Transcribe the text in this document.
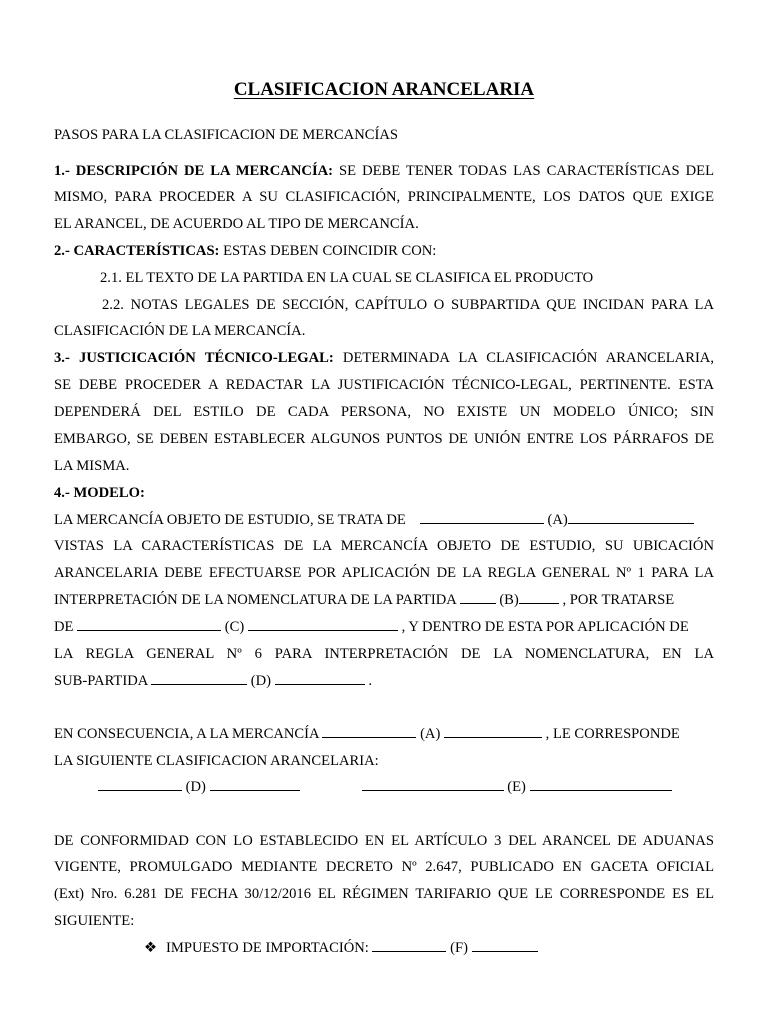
CLASIFICACION ARANCELARIA
PASOS PARA LA CLASIFICACION DE MERCANCÍAS
1.- DESCRIPCIÓN DE LA MERCANCÍA: SE DEBE TENER TODAS LAS CARACTERÍSTICAS DEL
MISMO, PARA PROCEDER A SU CLASIFICACIÓN, PRINCIPALMENTE, LOS DATOS QUE EXIGE
EL ARANCEL, DE ACUERDO AL TIPO DE MERCANCÍA.
2.- CARACTERÍSTICAS: ESTAS DEBEN COINCIDIR CON:
2.1. EL TEXTO DE LA PARTIDA EN LA CUAL SE CLASIFICA EL PRODUCTO
2.2. NOTAS LEGALES DE SECCIÓN, CAPÍTULO O SUBPARTIDA QUE INCIDAN PARA LA
CLASIFICACIÓN DE LA MERCANCÍA.
3.- JUSTICICACIÓN TÉCNICO-LEGAL: DETERMINADA LA CLASIFICACIÓN ARANCELARIA,
SE DEBE PROCEDER A REDACTAR LA JUSTIFICACIÓN TÉCNICO-LEGAL, PERTINENTE. ESTA
DEPENDERÁ DEL ESTILO DE CADA PERSONA, NO EXISTE UN MODELO ÚNICO; SIN
EMBARGO, SE DEBEN ESTABLECER ALGUNOS PUNTOS DE UNIÓN ENTRE LOS PÁRRAFOS DE
LA MISMA.
4.- MODELO:
LA MERCANCÍA OBJETO DE ESTUDIO, SE TRATA DE	(A)
VISTAS LA CARACTERÍSTICAS DE LA MERCANCÍA OBJETO DE ESTUDIO, SU UBICACIÓN
ARANCELARIA DEBE EFECTUARSE POR APLICACIÓN DE LA REGLA GENERAL Nº 1 PARA LA
INTERPRETACIÓN DE LA NOMENCLATURA DE LA PARTIDA	(B)	, POR TRATARSE
DE	(C)	, Y DENTRO DE ESTA POR APLICACIÓN DE
LA REGLA GENERAL Nº 6 PARA INTERPRETACIÓN DE LA NOMENCLATURA, EN LA
SUB-PARTIDA	(D)	.
EN CONSECUENCIA, A LA MERCANCÍA	(A)	, LE CORRESPONDE
LA SIGUIENTE CLASIFICACION ARANCELARIA:
(D)	(E)
DE CONFORMIDAD CON LO ESTABLECIDO EN EL ARTÍCULO 3 DEL ARANCEL DE ADUANAS
VIGENTE, PROMULGADO MEDIANTE DECRETO Nº 2.647, PUBLICADO EN GACETA OFICIAL
(Ext) Nro. 6.281 DE FECHA 30/12/2016 EL RÉGIMEN TARIFARIO QUE LE CORRESPONDE ES EL
SIGUIENTE:
❖ IMPUESTO DE IMPORTACIÓN:	(F)
